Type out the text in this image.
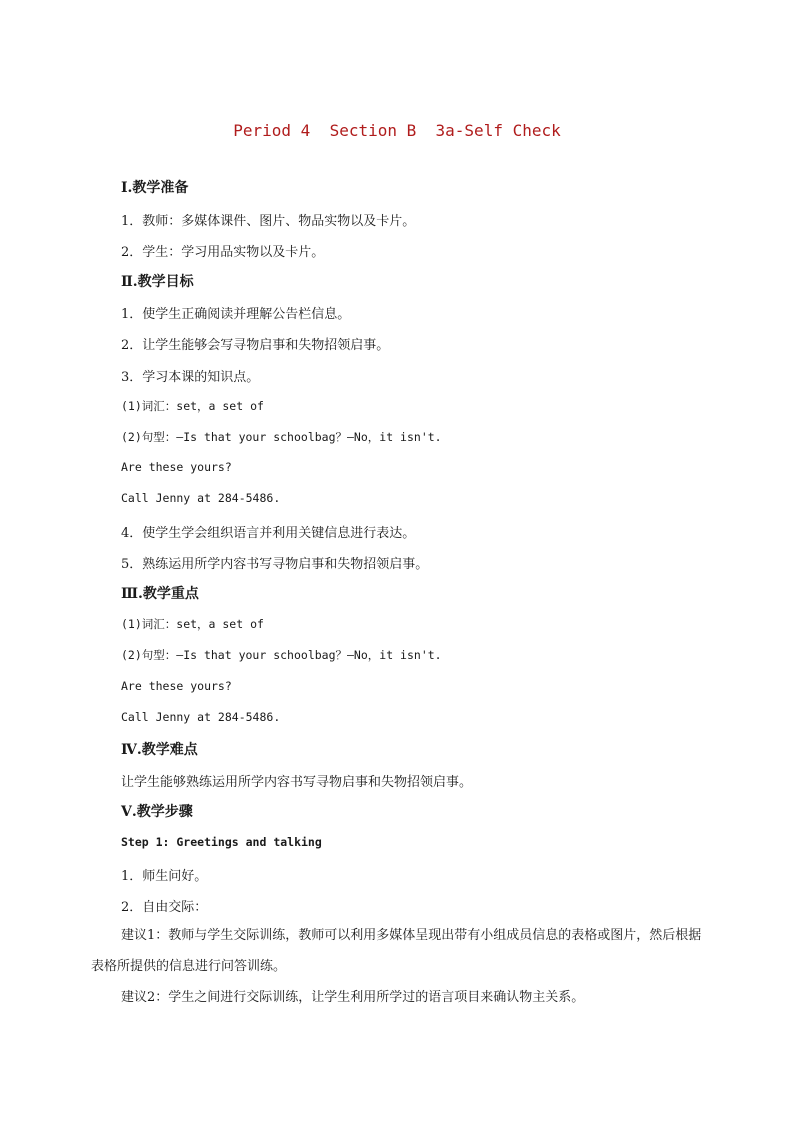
Period 4  Section B  3a-Self Check
Ⅰ.教学准备
1．教师：多媒体课件、图片、物品实物以及卡片。
2．学生：学习用品实物以及卡片。
Ⅱ.教学目标
1．使学生正确阅读并理解公告栏信息。
2．让学生能够会写寻物启事和失物招领启事。
3．学习本课的知识点。
(1)词汇：set，a set of
(2)句型：—Is that your schoolbag？—No，it isn't.
Are these yours?
Call Jenny at 284-5486.
4．使学生学会组织语言并利用关键信息进行表达。
5．熟练运用所学内容书写寻物启事和失物招领启事。
Ⅲ.教学重点
(1)词汇：set，a set of
(2)句型：—Is that your schoolbag？—No，it isn't.
Are these yours?
Call Jenny at 284-5486.
Ⅳ.教学难点
让学生能够熟练运用所学内容书写寻物启事和失物招领启事。
Ⅴ.教学步骤
Step 1: Greetings and talking
1．师生问好。
2．自由交际：
建议1：教师与学生交际训练，教师可以利用多媒体呈现出带有小组成员信息的表格或图片，然后根据表格所提供的信息进行问答训练。
建议2：学生之间进行交际训练，让学生利用所学过的语言项目来确认物主关系。
